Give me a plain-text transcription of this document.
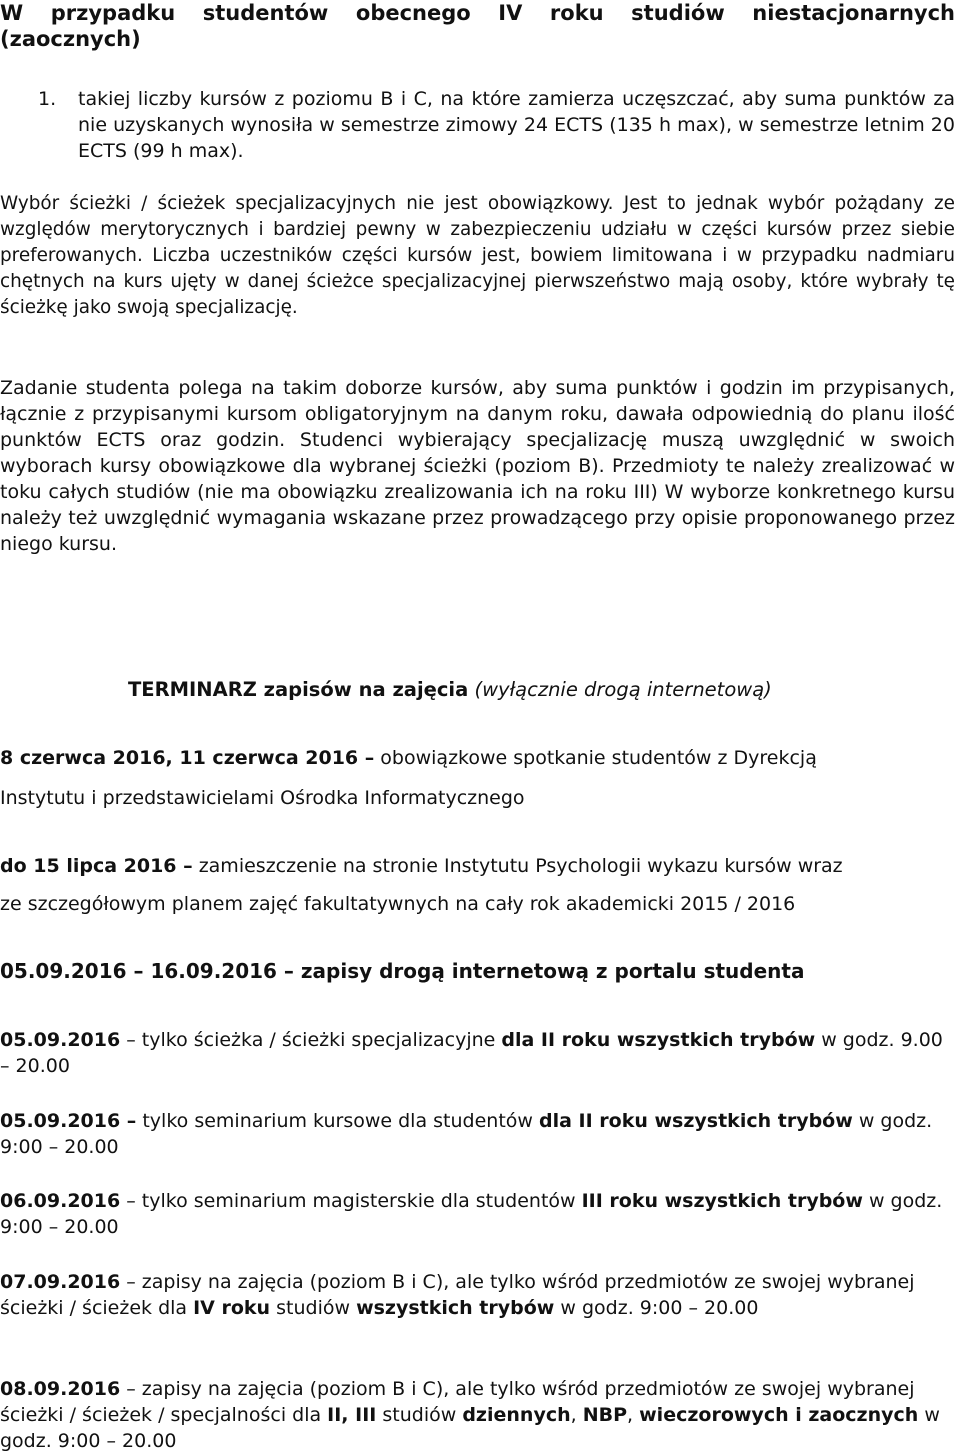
W przypadku studentów obecnego IV roku studiów niestacjonarnych (zaocznych)

1. takiej liczby kursów z poziomu B i C, na które zamierza uczęszczać, aby suma punktów za nie uzyskanych wynosiła w semestrze zimowy 24 ECTS (135 h max), w semestrze letnim 20 ECTS (99 h max).

Wybór ścieżki / ścieżek specjalizacyjnych nie jest obowiązkowy. Jest to jednak wybór pożądany ze względów merytorycznych i bardziej pewny w zabezpieczeniu udziału w części kursów przez siebie preferowanych. Liczba uczestników części kursów jest, bowiem limitowana i w przypadku nadmiaru chętnych na kurs ujęty w danej ścieżce specjalizacyjnej pierwszeństwo mają osoby, które wybrały tę ścieżkę jako swoją specjalizację.

Zadanie studenta polega na takim doborze kursów, aby suma punktów i godzin im przypisanych, łącznie z przypisanymi kursom obligatoryjnym na danym roku, dawała odpowiednią do planu ilość punktów ECTS oraz godzin. Studenci wybierający specjalizację muszą uwzględnić w swoich wyborach kursy obowiązkowe dla wybranej ścieżki (poziom B). Przedmioty te należy zrealizować w toku całych studiów (nie ma obowiązku zrealizowania ich na roku III) W wyborze konkretnego kursu należy też uwzględnić wymagania wskazane przez prowadzącego przy opisie proponowanego przez niego kursu.

TERMINARZ zapisów na zajęcia (wyłącznie drogą internetową)

8 czerwca 2016, 11 czerwca 2016 – obowiązkowe spotkanie studentów z Dyrekcją
Instytutu i przedstawicielami Ośrodka Informatycznego

do 15 lipca 2016 – zamieszczenie na stronie Instytutu Psychologii wykazu kursów wraz
ze szczegółowym planem zajęć fakultatywnych na cały rok akademicki 2015 / 2016

05.09.2016 – 16.09.2016 – zapisy drogą internetową z portalu studenta

05.09.2016 – tylko ścieżka / ścieżki specjalizacyjne dla II roku wszystkich trybów w godz. 9.00 – 20.00

05.09.2016 – tylko seminarium kursowe dla studentów dla II roku wszystkich trybów w godz. 9:00 – 20.00

06.09.2016 – tylko seminarium magisterskie dla studentów III roku wszystkich trybów w godz. 9:00 – 20.00

07.09.2016 – zapisy na zajęcia (poziom B i C), ale tylko wśród przedmiotów ze swojej wybranej ścieżki / ścieżek dla IV roku studiów wszystkich trybów w godz. 9:00 – 20.00

08.09.2016 – zapisy na zajęcia (poziom B i C), ale tylko wśród przedmiotów ze swojej wybranej ścieżki / ścieżek / specjalności dla II, III studiów dziennych, NBP, wieczorowych i zaocznych w godz. 9:00 – 20.00
